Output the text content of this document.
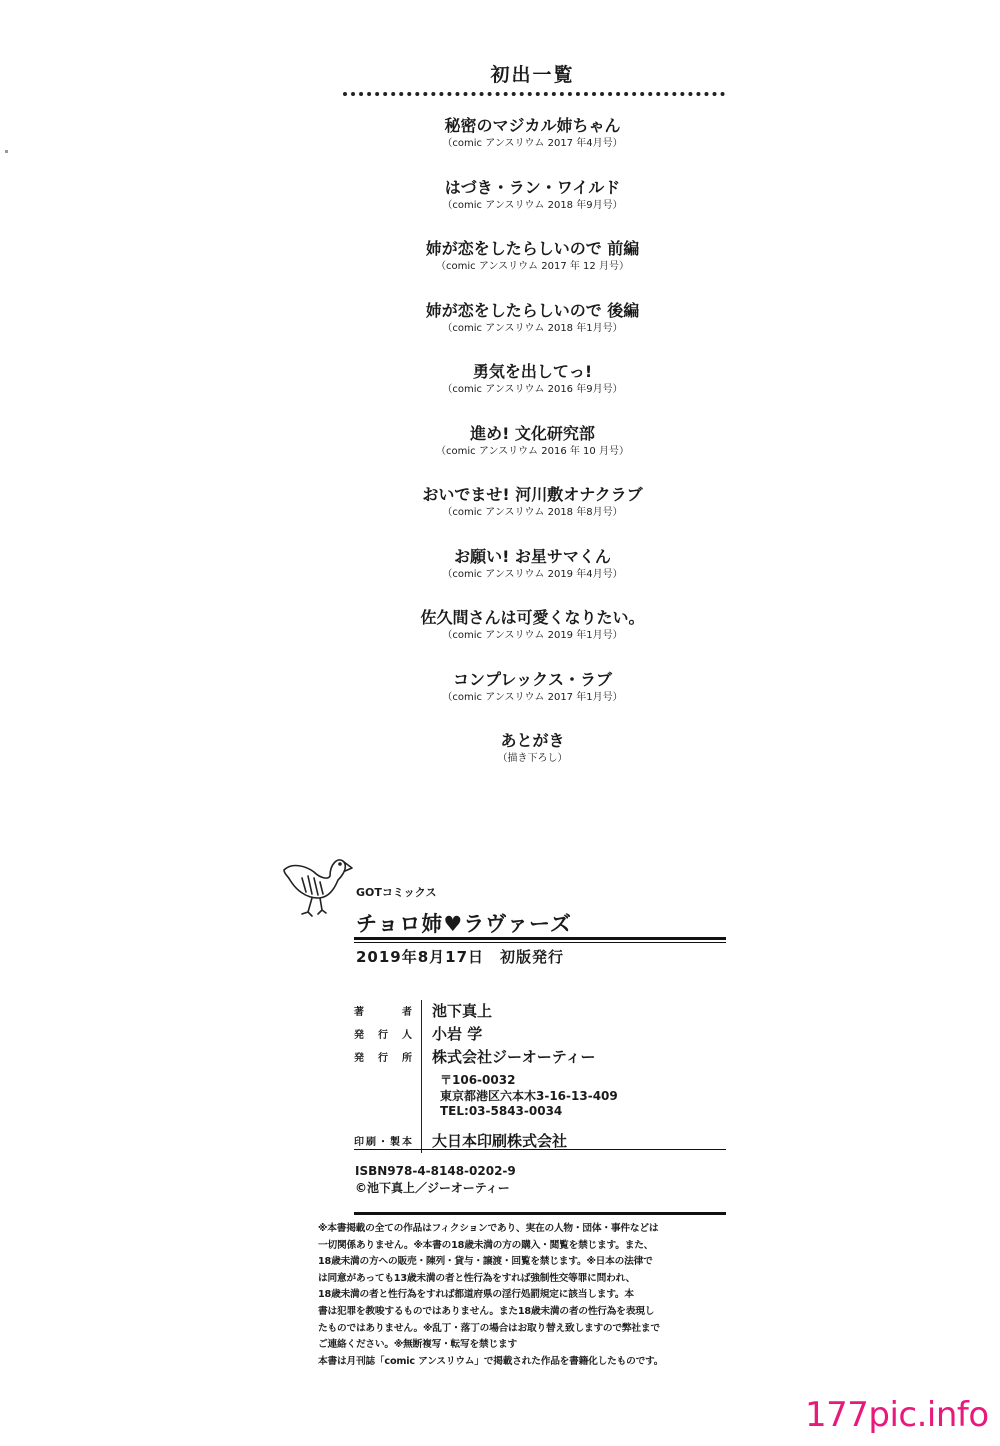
初出一覧
秘密のマジカル姉ちゃん
（comic アンスリウム 2017 年4月号）
はづき・ラン・ワイルド
（comic アンスリウム 2018 年9月号）
姉が恋をしたらしいので 前編
（comic アンスリウム 2017 年 12 月号）
姉が恋をしたらしいので 後編
（comic アンスリウム 2018 年1月号）
勇気を出してっ!
（comic アンスリウム 2016 年9月号）
進め! 文化研究部
（comic アンスリウム 2016 年 10 月号）
おいでませ! 河川敷オナクラブ
（comic アンスリウム 2018 年8月号）
お願い! お星サマくん
（comic アンスリウム 2019 年4月号）
佐久間さんは可愛くなりたい。
（comic アンスリウム 2019 年1月号）
コンプレックス・ラブ
（comic アンスリウム 2017 年1月号）
あとがき
（描き下ろし）
GOTコミックス
チョロ姉♥ラヴァーズ
2019年8月17日　初版発行
著者 池下真上
発行人 小岩 学
発行所 株式会社ジーオーティー
印刷・製本 大日本印刷株式会社
〒106-0032
東京都港区六本木3-16-13-409
TEL:03-5843-0034
ISBN978-4-8148-0202-9
©池下真上／ジーオーティー

※本書掲載の全ての作品はフィクションであり、実在の人物・団体・事件などは

一切関係ありません。※本書の18歳未満の方の購入・閲覧を禁じます。また、

18歳未満の方への販売・陳列・貸与・譲渡・回覧を禁じます。※日本の法律で

は同意があっても13歳未満の者と性行為をすれば強制性交等罪に問われ、

18歳未満の者と性行為をすれば都道府県の淫行処罰規定に該当します。本

書は犯罪を教唆するものではありません。また18歳未満の者の性行為を表現し

たものではありません。※乱丁・落丁の場合はお取り替え致しますので弊社まで

ご連絡ください。※無断複写・転写を禁じます

本書は月刊誌「comic アンスリウム」で掲載された作品を書籍化したものです。

177pic.info
